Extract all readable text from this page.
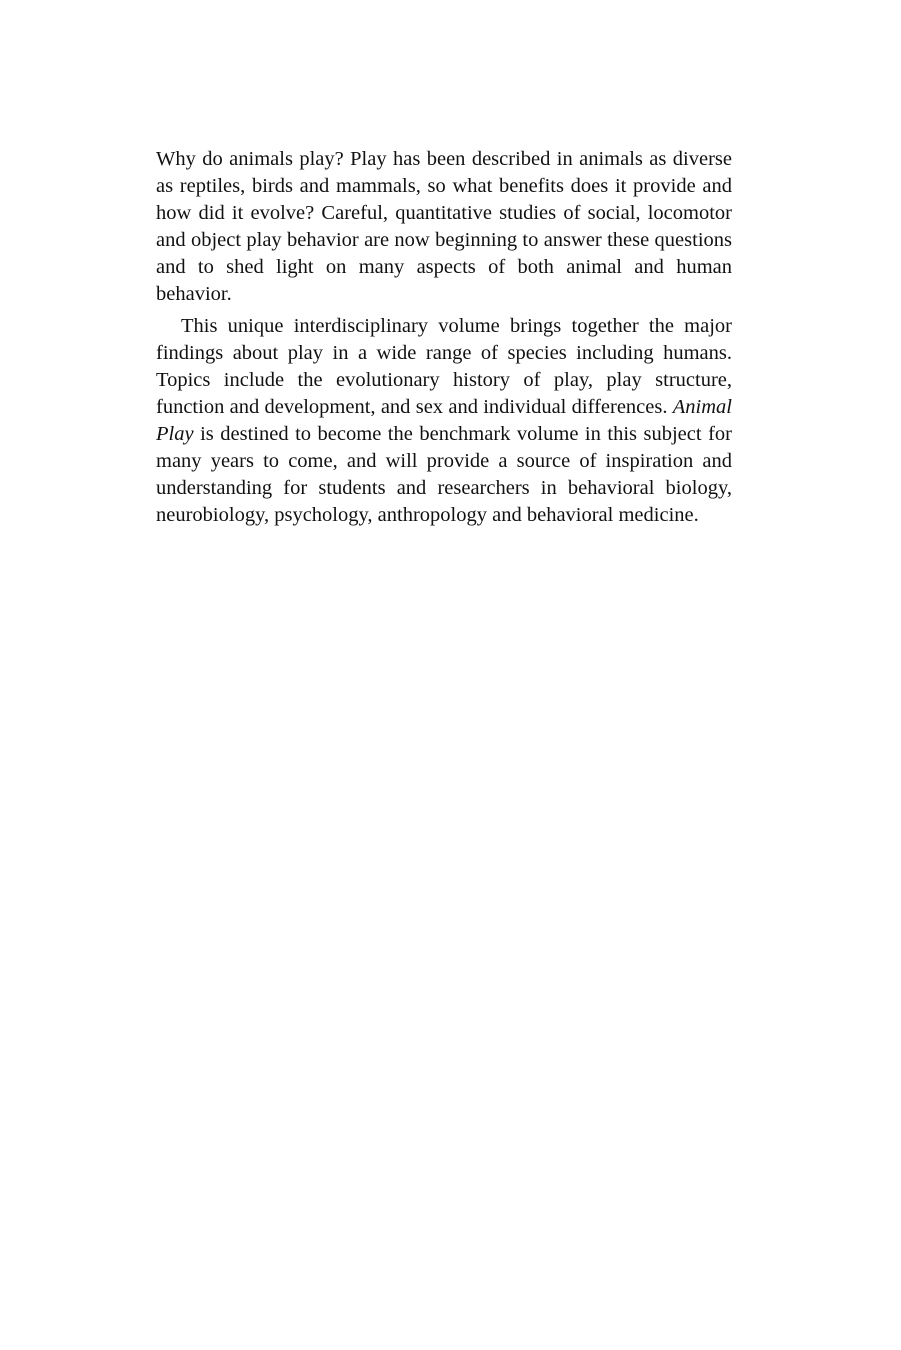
Why do animals play? Play has been described in animals as diverse as reptiles, birds and mammals, so what benefits does it provide and how did it evolve? Careful, quantitative studies of social, locomotor and object play behavior are now beginning to answer these questions and to shed light on many aspects of both animal and human behavior.

This unique interdisciplinary volume brings together the major findings about play in a wide range of species including humans. Topics include the evolutionary history of play, play structure, function and development, and sex and individual differences. Animal Play is destined to become the benchmark volume in this subject for many years to come, and will provide a source of inspiration and understanding for students and researchers in behavioral biology, neurobiology, psychology, anthropology and behavioral medicine.
